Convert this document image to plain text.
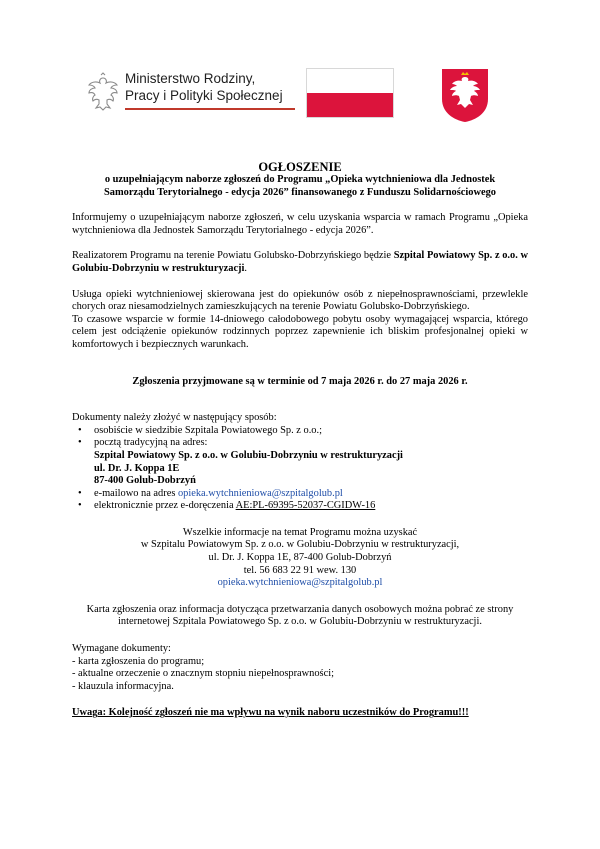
Ministerstwo Rodziny,
Pracy i Polityki Społecznej

OGŁOSZENIE

o uzupełniającym naborze zgłoszeń do Programu „Opieka wytchnieniowa dla Jednostek

Samorządu Terytorialnego - edycja 2026” finansowanego z Funduszu Solidarnościowego

Informujemy o uzupełniającym naborze zgłoszeń, w celu uzyskania wsparcia w ramach Programu „Opieka wytchnieniowa dla Jednostek Samorządu Terytorialnego - edycja 2026”.

Realizatorem Programu na terenie Powiatu Golubsko-Dobrzyńskiego będzie Szpital Powiatowy Sp. z o.o. w Golubiu-Dobrzyniu w restrukturyzacji.

Usługa opieki wytchnieniowej skierowana jest do opiekunów osób z niepełnosprawnościami, przewlekle chorych oraz niesamodzielnych zamieszkujących na terenie Powiatu Golubsko-Dobrzyńskiego.

To czasowe wsparcie w formie 14-dniowego całodobowego pobytu osoby wymagającej wsparcia, którego celem jest odciążenie opiekunów rodzinnych poprzez zapewnienie ich bliskim profesjonalnej opieki w komfortowych i bezpiecznych warunkach.

Zgłoszenia przyjmowane są w terminie od 7 maja 2026 r. do 27 maja 2026 r.

Dokumenty należy złożyć w następujący sposób:

• osobiście w siedzibie Szpitala Powiatowego Sp. z o.o.;
• pocztą tradycyjną na adres:
Szpital Powiatowy Sp. z o.o. w Golubiu-Dobrzyniu w restrukturyzacji
ul. Dr. J. Koppa 1E
87-400 Golub-Dobrzyń
• e-mailowo na adres opieka.wytchnieniowa@szpitalgolub.pl
• elektronicznie przez e-doręczenia AE:PL-69395-52037-CGIDW-16

Wszelkie informacje na temat Programu można uzyskać

w Szpitalu Powiatowym Sp. z o.o. w Golubiu-Dobrzyniu w restrukturyzacji,

ul. Dr. J. Koppa 1E, 87-400 Golub-Dobrzyń

tel. 56 683 22 91 wew. 130

opieka.wytchnieniowa@szpitalgolub.pl

Karta zgłoszenia oraz informacja dotycząca przetwarzania danych osobowych można pobrać ze strony internetowej Szpitala Powiatowego Sp. z o.o. w Golubiu-Dobrzyniu w restrukturyzacji.

Wymagane dokumenty:

- karta zgłoszenia do programu;

- aktualne orzeczenie o znacznym stopniu niepełnosprawności;

- klauzula informacyjna.

Uwaga: Kolejność zgłoszeń nie ma wpływu na wynik naboru uczestników do Programu!!!
